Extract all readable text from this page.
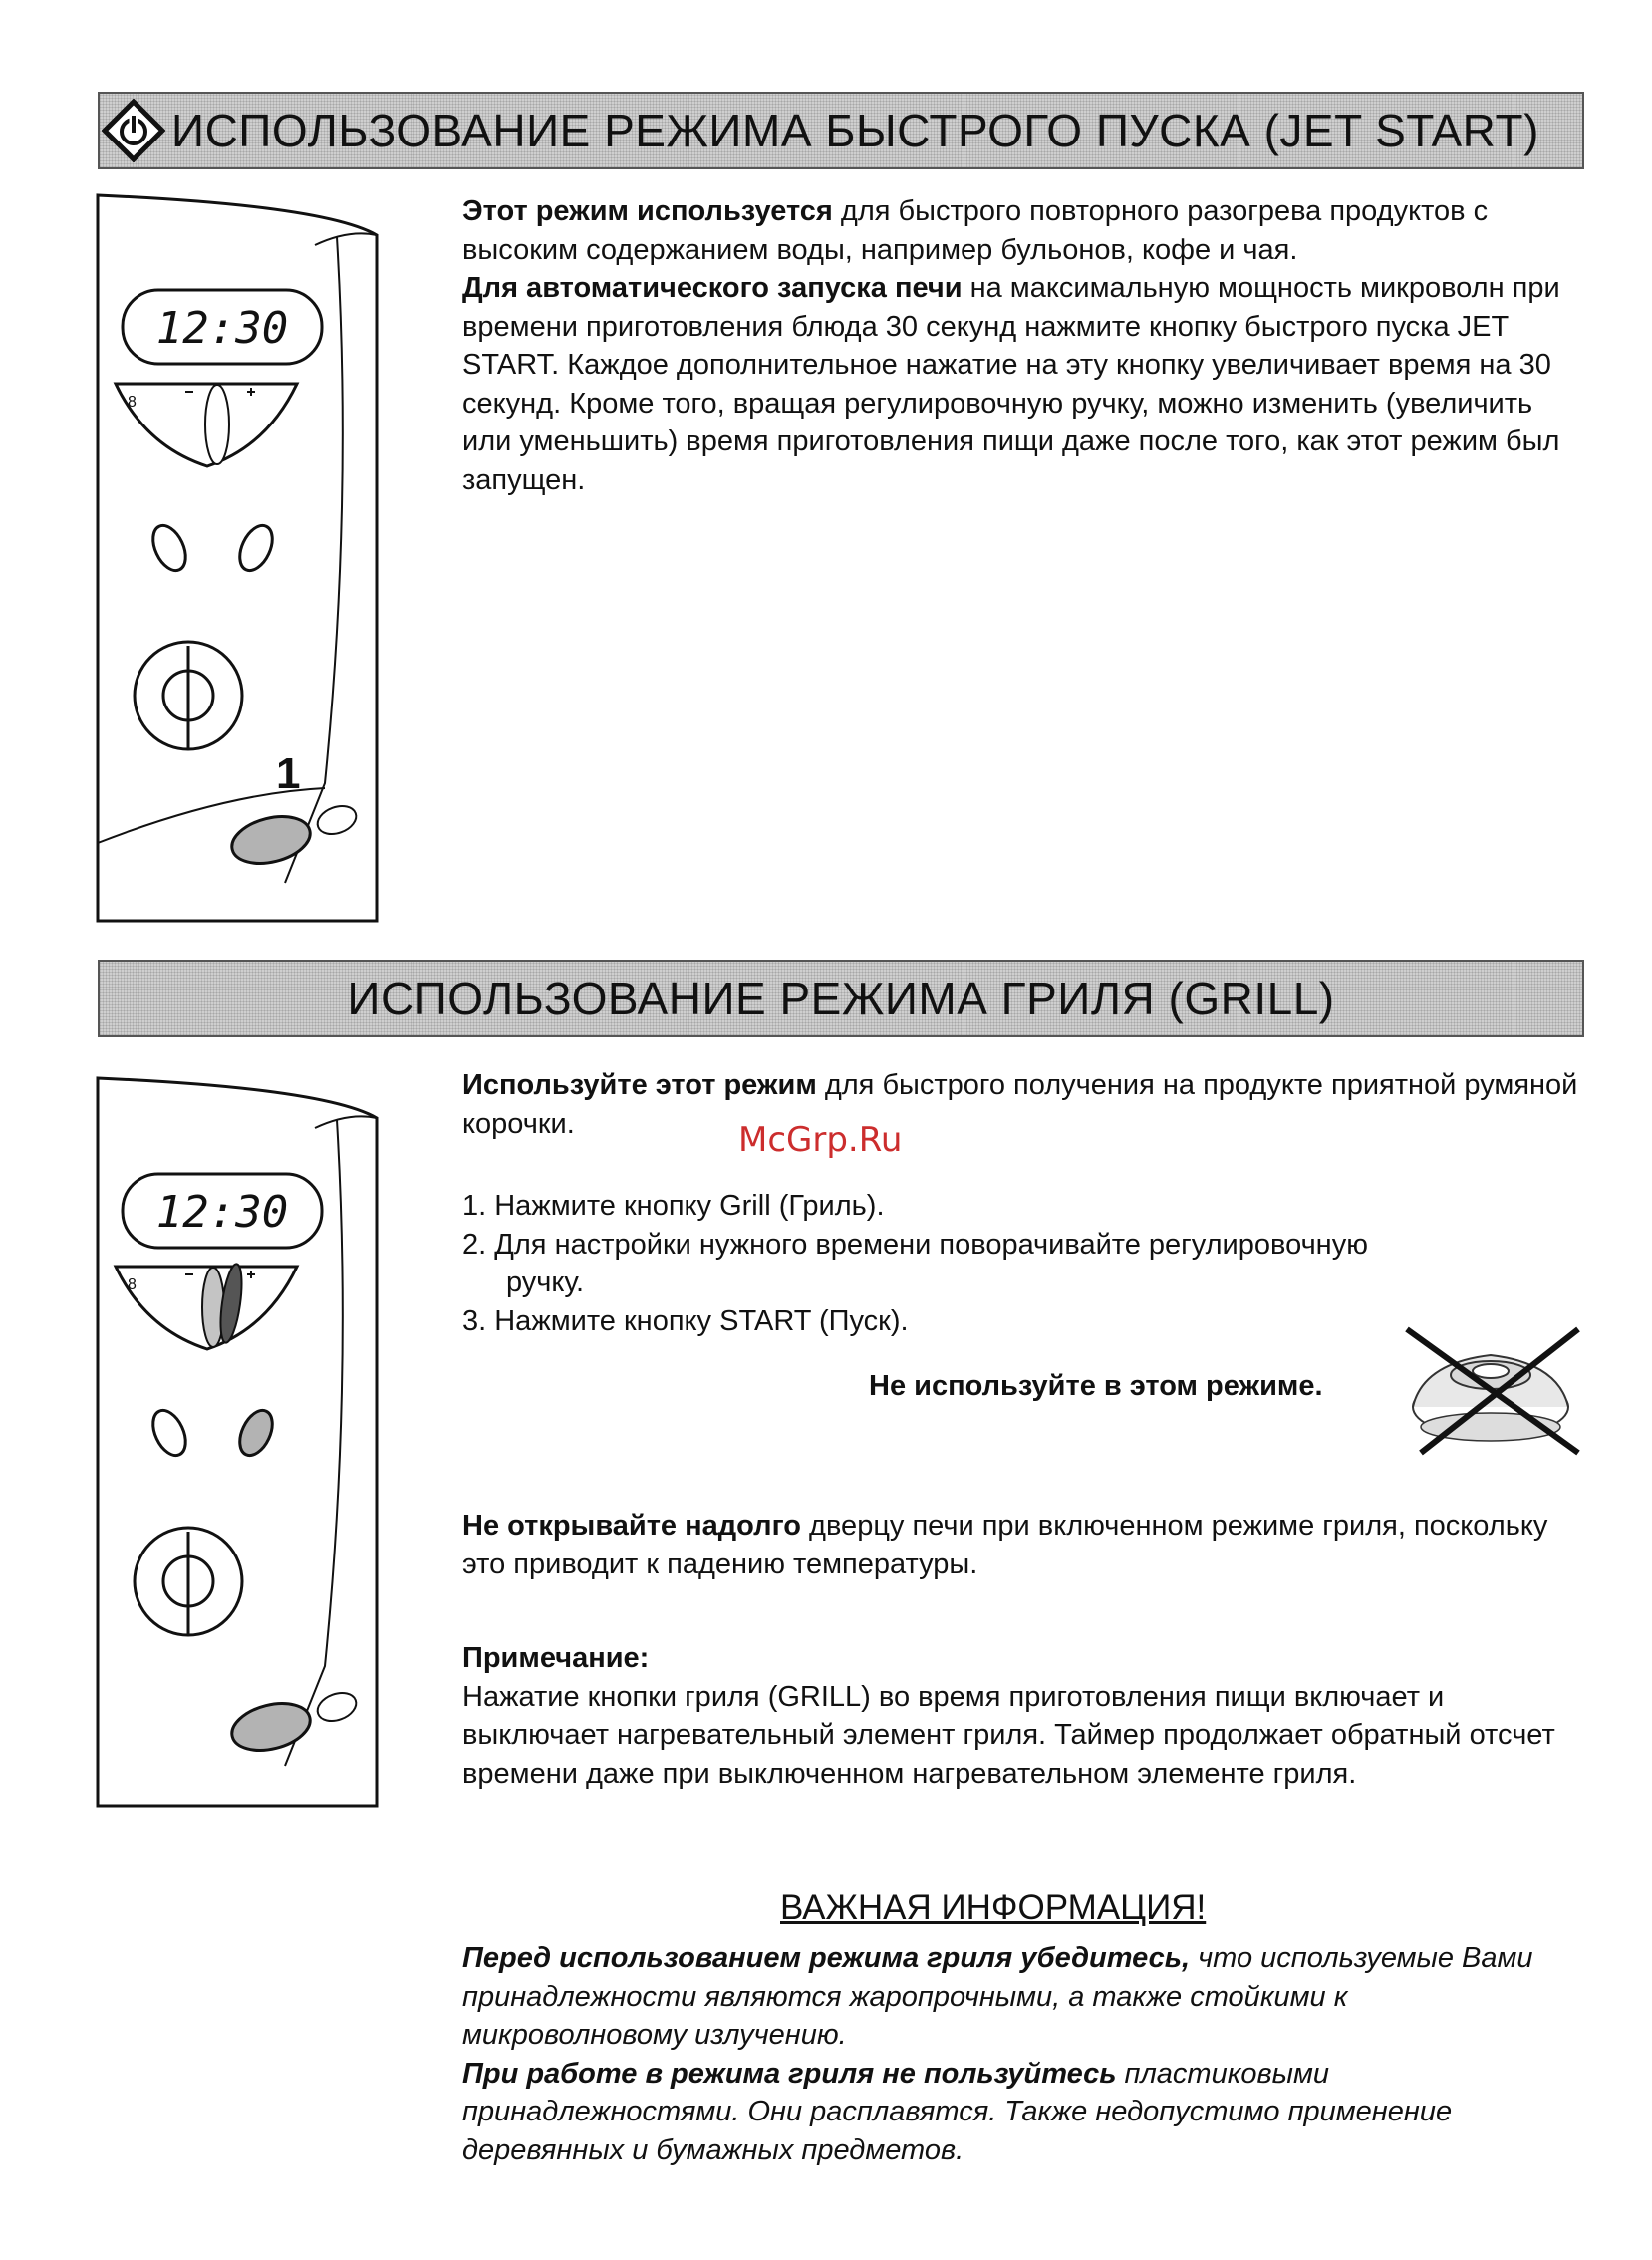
ИСПОЛЬЗОВАНИЕ РЕЖИМА БЫСТРОГО ПУСКА (JET START)
12:30
8
1

Этот режим используется для быстрого повторного разогрева продуктов с высоким содержанием воды, например бульонов, кофе и чая.

Для автоматического запуска печи на максимальную мощность микроволн при времени приготовления блюда 30 секунд нажмите кнопку быстрого пуска JET START. Каждое дополнительное нажатие на эту кнопку увеличивает время на 30 секунд. Кроме того, вращая регулировочную ручку, можно изменить (увеличить или уменьшить) время приготовления пищи даже после того, как этот режим был запущен.

ИСПОЛЬЗОВАНИЕ РЕЖИМА ГРИЛЯ (GRILL)
12:30
8

Используйте этот режим для быстрого получения на продукте приятной румяной корочки.	McGrp.Ru

1. Нажмите кнопку Grill (Гриль).

2. Для настройки нужного времени поворачивайте регулировочную

ручку.

3. Нажмите кнопку START (Пуск).

Не используйте в этом режиме.

Не открывайте надолго дверцу печи при включенном режиме гриля, поскольку это приводит к падению температуры.

Примечание:

Нажатие кнопки гриля (GRILL) во время приготовления пищи включает и выключает нагревательный элемент гриля. Таймер продолжает обратный отсчет времени даже при выключенном нагревательном элементе гриля.

ВАЖНАЯ ИНФОРМАЦИЯ!

Перед использованием режима гриля убедитесь, что используемые Вами принадлежности являются жаропрочными, а также стойкими к микроволновому излучению.

При работе в режима гриля не пользуйтесь пластиковыми принадлежностями. Они расплавятся. Также недопустимо применение деревянных и бумажных предметов.
